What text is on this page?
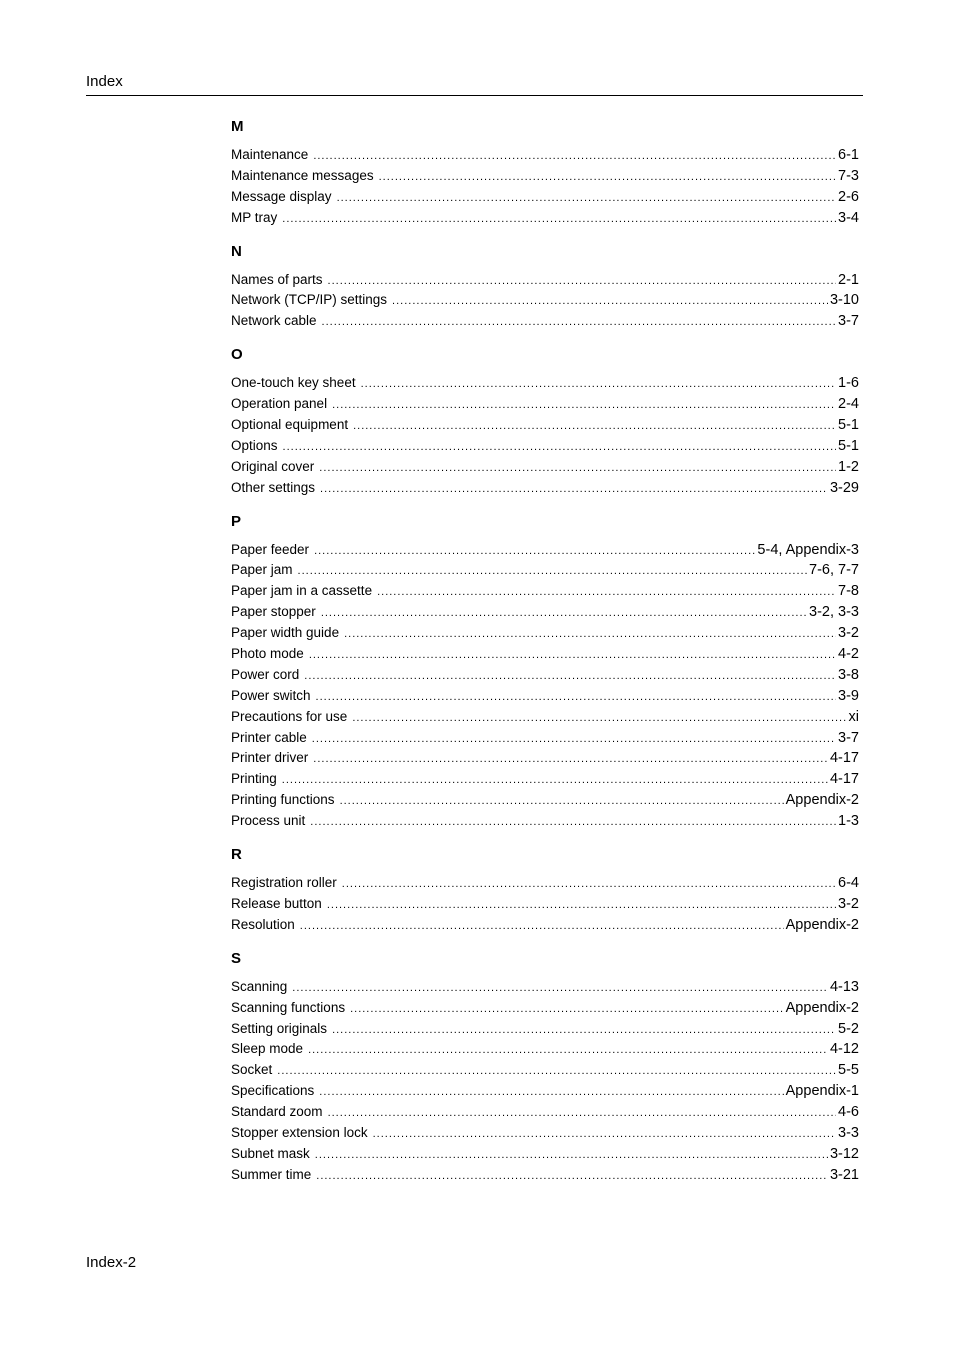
Index
M
Maintenance .....	6-1
Maintenance messages .....	7-3
Message display .....	2-6
MP tray .....	3-4
N
Names of parts .....	2-1
Network (TCP/IP) settings .....	3-10
Network cable .....	3-7
O
One-touch key sheet .....	1-6
Operation panel .....	2-4
Optional equipment .....	5-1
Options .....	5-1
Original cover .....	1-2
Other settings .....	3-29
P
Paper feeder .....	5-4, Appendix-3
Paper jam .....	7-6, 7-7
Paper jam in a cassette .....	7-8
Paper stopper .....	3-2, 3-3
Paper width guide .....	3-2
Photo mode .....	4-2
Power cord .....	3-8
Power switch .....	3-9
Precautions for use .....	xi
Printer cable .....	3-7
Printer driver .....	4-17
Printing .....	4-17
Printing functions .....	Appendix-2
Process unit .....	1-3
R
Registration roller .....	6-4
Release button .....	3-2
Resolution .....	Appendix-2
S
Scanning .....	4-13
Scanning functions .....	Appendix-2
Setting originals .....	5-2
Sleep mode .....	4-12
Socket .....	5-5
Specifications .....	Appendix-1
Standard zoom .....	4-6
Stopper extension lock .....	3-3
Subnet mask .....	3-12
Summer time .....	3-21
Index-2
